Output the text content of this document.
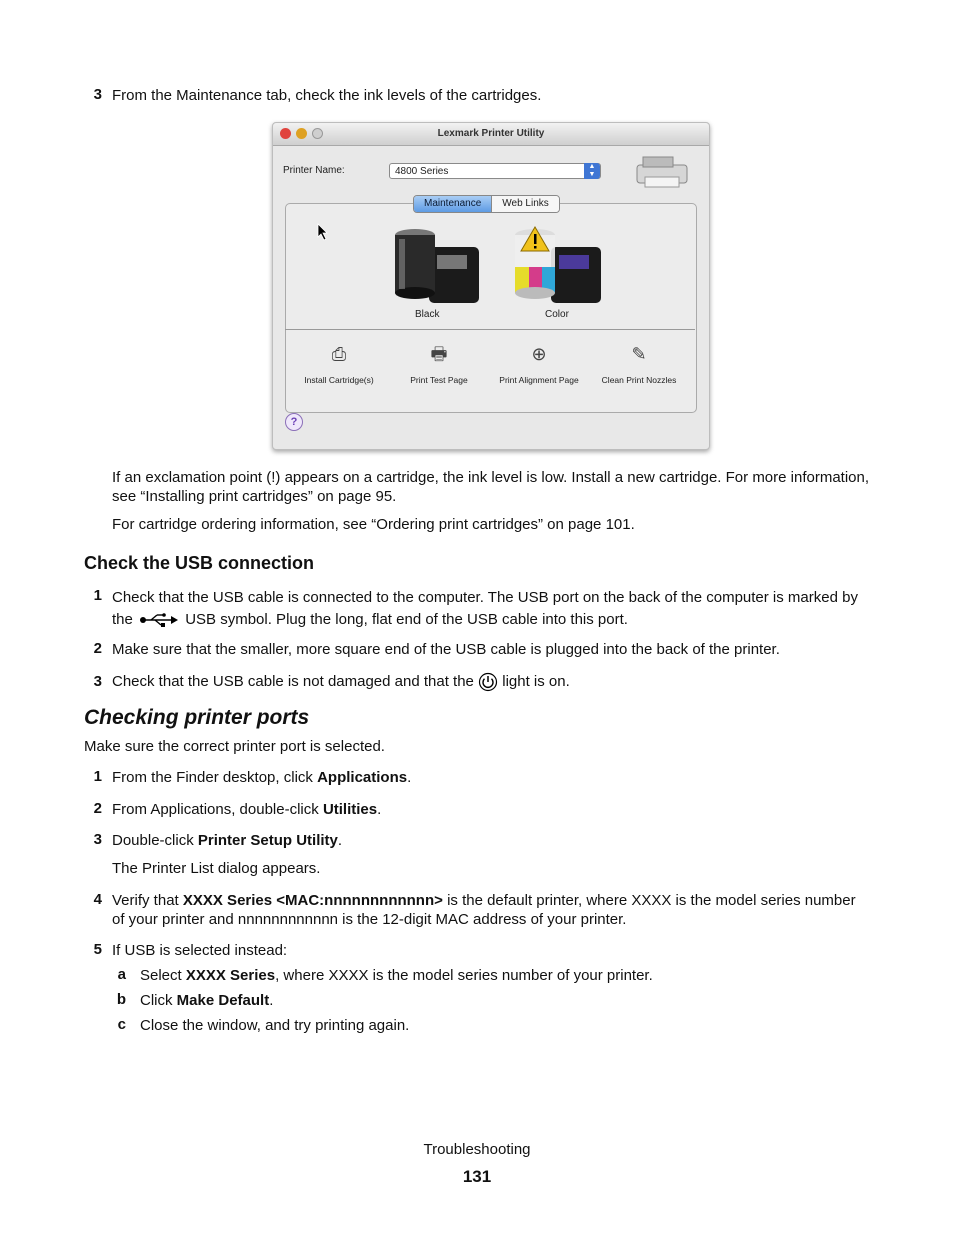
3 From the Maintenance tab, check the ink levels of the cartridges.
Lexmark Printer Utility
Printer Name:	4800 Series	▲
▼
Maintenance	Web Links
Black	Color
⎙
Install Cartridge(s)
🖶
Print Test Page
⊕
Print Alignment Page
✎
Clean Print Nozzles
?
If an exclamation point (!) appears on a cartridge, the ink level is low. Install a new cartridge. For more information, see “Installing print cartridges” on page 95.
For cartridge ordering information, see “Ordering print cartridges” on page 101.
Check the USB connection
1 Check that the USB cable is connected to the computer. The USB port on the back of the computer is marked by the	USB symbol. Plug the long, flat end of the USB cable into this port.
2 Make sure that the smaller, more square end of the USB cable is plugged into the back of the printer.
3 Check that the USB cable is not damaged and that the light is on.
Checking printer ports
Make sure the correct printer port is selected.
1 From the Finder desktop, click Applications.
2 From Applications, double-click Utilities.
3 Double-click Printer Setup Utility.
The Printer List dialog appears.
4 Verify that XXXX Series <MAC:nnnnnnnnnnnn> is the default printer, where XXXX is the model series number of your printer and nnnnnnnnnnnn is the 12-digit MAC address of your printer.
5 If USB is selected instead:
a Select XXXX Series, where XXXX is the model series number of your printer.
b Click Make Default.
c Close the window, and try printing again.
Troubleshooting
131
